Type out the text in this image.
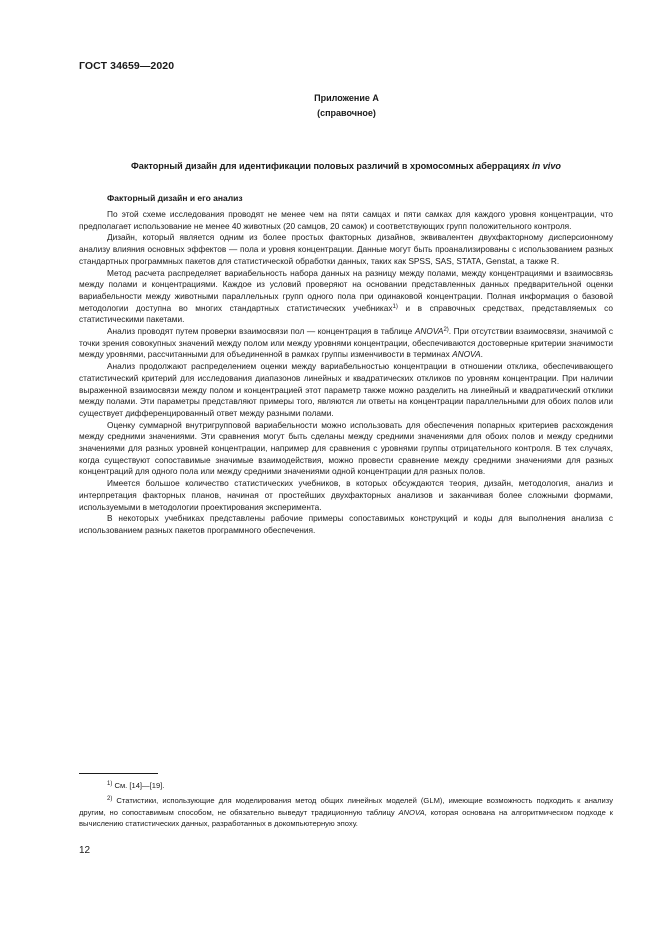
ГОСТ 34659—2020
Приложение А
(справочное)
Факторный дизайн для идентификации половых различий в хромосомных аберрациях in vivo
Факторный дизайн и его анализ

По этой схеме исследования проводят не менее чем на пяти самцах и пяти самках для каждого уровня концентрации, что предполагает использование не менее 40 животных (20 самцов, 20 самок) и соответствующих групп положительного контроля.

Дизайн, который является одним из более простых факторных дизайнов, эквивалентен двухфакторному дисперсионному анализу влияния основных эффектов — пола и уровня концентрации. Данные могут быть проанализированы с использованием разных стандартных программных пакетов для статистической обработки данных, таких как SPSS, SAS, STATA, Genstat, а также R.

Метод расчета распределяет вариабельность набора данных на разницу между полами, между концентрациями и взаимосвязь между полами и концентрациями. Каждое из условий проверяют на основании представленных данных предварительной оценки вариабельности между животными параллельных групп одного пола при одинаковой концентрации. Полная информация о базовой методологии доступна во многих стандартных статистических учебниках$^{1)}$ и в справочных средствах, представляемых со статистическими пакетами.

Анализ проводят путем проверки взаимосвязи пол — концентрация в таблице ANOVA$^{2)}$. При отсутствии взаимосвязи, значимой с точки зрения совокупных значений между полом или между уровнями концентрации, обеспечиваются достоверные критерии значимости между уровнями, рассчитанными для объединенной в рамках группы изменчивости в терминах ANOVA.

Анализ продолжают распределением оценки между вариабельностью концентрации в отношении отклика, обеспечивающего статистический критерий для исследования диапазонов линейных и квадратических откликов по уровням концентрации. При наличии выраженной взаимосвязи между полом и концентрацией этот параметр также можно разделить на линейный и квадратический отклики между полами. Эти параметры представляют примеры того, являются ли ответы на концентрации параллельными для обоих полов или существует дифференцированный ответ между разными полами.

Оценку суммарной внутригрупповой вариабельности можно использовать для обеспечения попарных критериев расхождения между средними значениями. Эти сравнения могут быть сделаны между средними значениями для обоих полов и между средними значениями для разных уровней концентрации, например для сравнения с уровнями группы отрицательного контроля. В тех случаях, когда существуют сопоставимые значимые взаимодействия, можно провести сравнение между средними значениями для разных концентраций для одного пола или между средними значениями одной концентрации для разных полов.

Имеется большое количество статистических учебников, в которых обсуждаются теория, дизайн, методология, анализ и интерпретация факторных планов, начиная от простейших двухфакторных анализов и заканчивая более сложными формами, используемыми в методологии проектирования эксперимента.

В некоторых учебниках представлены рабочие примеры сопоставимых конструкций и коды для выполнения анализа с использованием разных пакетов программного обеспечения.

$^{1)}$ См. [14]—[19].

$^{2)}$ Статистики, использующие для моделирования метод общих линейных моделей (GLM), имеющие возможность подходить к анализу другим, но сопоставимым способом, не обязательно выведут традиционную таблицу ANOVA, которая основана на алгоритмическом подходе к вычислению статистических данных, разработанных в докомпьютерную эпоху.

12
